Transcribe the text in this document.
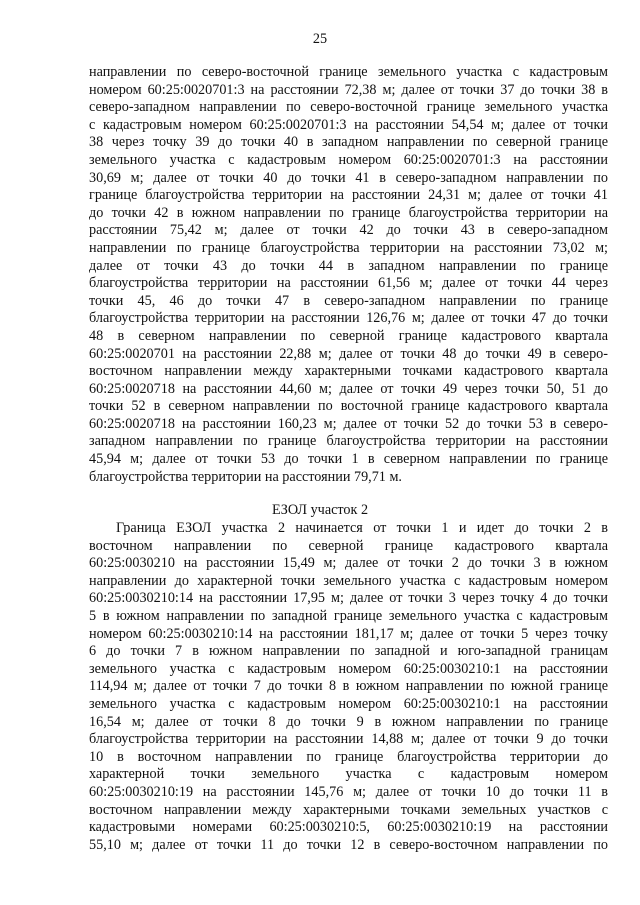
25
направлении по северо-восточной границе земельного участка с кадастровым
номером 60:25:0020701:3 на расстоянии 72,38 м; далее от точки 37 до точки 38 в
северо-западном направлении по северо-восточной границе земельного участка
с кадастровым номером 60:25:0020701:3 на расстоянии 54,54 м; далее от точки
38 через точку 39 до точки 40 в западном направлении по северной границе
земельного участка с кадастровым номером 60:25:0020701:3 на расстоянии
30,69 м; далее от точки 40 до точки 41 в северо-западном направлении по
границе благоустройства территории на расстоянии 24,31 м; далее от точки 41
до точки 42 в южном направлении по границе благоустройства территории на
расстоянии 75,42 м; далее от точки 42 до точки 43 в северо-западном
направлении по границе благоустройства территории на расстоянии 73,02 м;
далее от точки 43 до точки 44 в западном направлении по границе
благоустройства территории на расстоянии 61,56 м; далее от точки 44 через
точки 45, 46 до точки 47 в северо-западном направлении по границе
благоустройства территории на расстоянии 126,76 м; далее от точки 47 до точки
48 в северном направлении по северной границе кадастрового квартала
60:25:0020701 на расстоянии 22,88 м; далее от точки 48 до точки 49 в северо-
восточном направлении между характерными точками кадастрового квартала
60:25:0020718 на расстоянии 44,60 м; далее от точки 49 через точки 50, 51 до
точки 52 в северном направлении по восточной границе кадастрового квартала
60:25:0020718 на расстоянии 160,23 м; далее от точки 52 до точки 53 в северо-
западном направлении по границе благоустройства территории на расстоянии
45,94 м; далее от точки 53 до точки 1 в северном направлении по границе
благоустройства территории на расстоянии 79,71 м.
ЕЗОЛ участок 2
Граница ЕЗОЛ участка 2 начинается от точки 1 и идет до точки 2 в
восточном направлении по северной границе кадастрового квартала
60:25:0030210 на расстоянии 15,49 м; далее от точки 2 до точки 3 в южном
направлении до характерной точки земельного участка с кадастровым номером
60:25:0030210:14 на расстоянии 17,95 м; далее от точки 3 через точку 4 до точки
5 в южном направлении по западной границе земельного участка с кадастровым
номером 60:25:0030210:14 на расстоянии 181,17 м; далее от точки 5 через точку
6 до точки 7 в южном направлении по западной и юго-западной границам
земельного участка с кадастровым номером 60:25:0030210:1 на расстоянии
114,94 м; далее от точки 7 до точки 8 в южном направлении по южной границе
земельного участка с кадастровым номером 60:25:0030210:1 на расстоянии
16,54 м; далее от точки 8 до точки 9 в южном направлении по границе
благоустройства территории на расстоянии 14,88 м; далее от точки 9 до точки
10 в восточном направлении по границе благоустройства территории до
характерной точки земельного участка с кадастровым номером
60:25:0030210:19 на расстоянии 145,76 м; далее от точки 10 до точки 11 в
восточном направлении между характерными точками земельных участков с
кадастровыми номерами 60:25:0030210:5, 60:25:0030210:19 на расстоянии
55,10 м; далее от точки 11 до точки 12 в северо-восточном направлении по
